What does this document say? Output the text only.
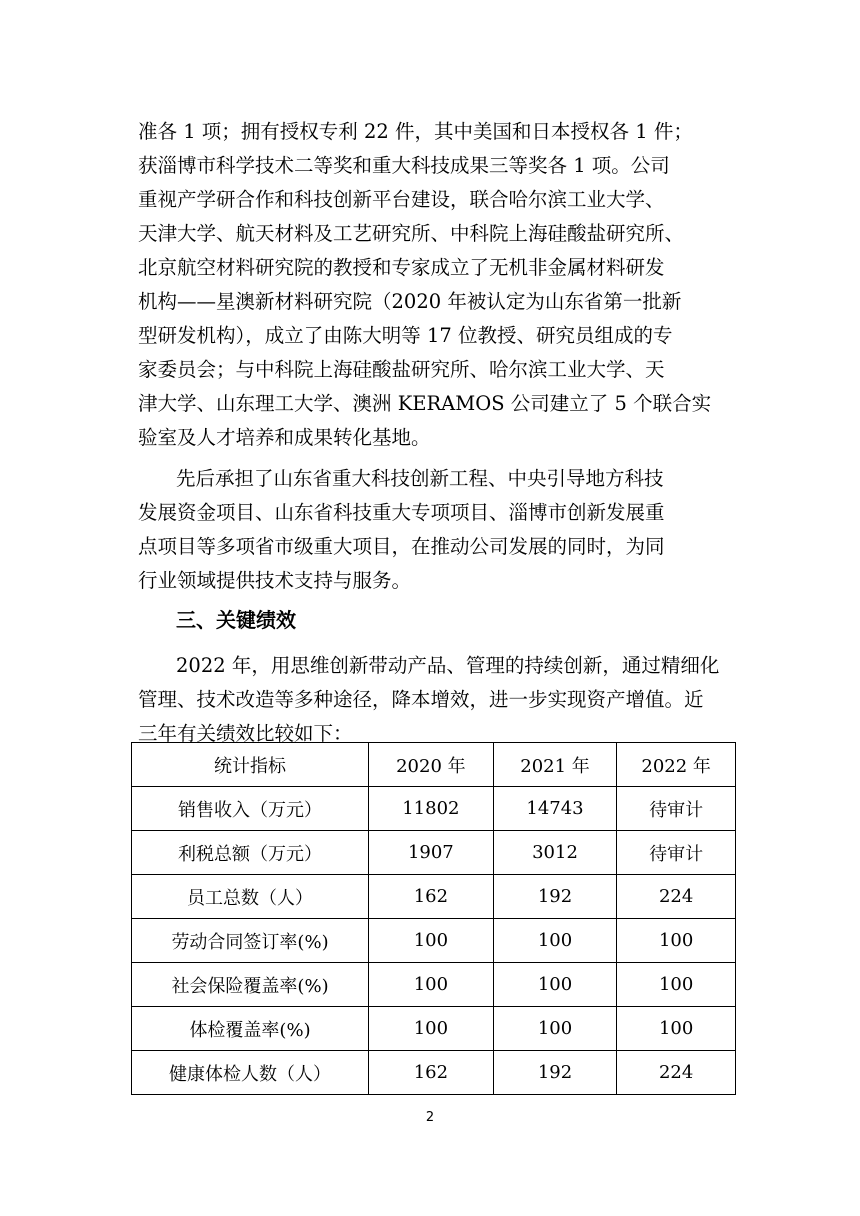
准各 1 项；拥有授权专利 22 件，其中美国和日本授权各 1 件；
获淄博市科学技术二等奖和重大科技成果三等奖各 1 项。公司
重视产学研合作和科技创新平台建设，联合哈尔滨工业大学、
天津大学、航天材料及工艺研究所、中科院上海硅酸盐研究所、
北京航空材料研究院的教授和专家成立了无机非金属材料研发
机构——星澳新材料研究院（2020 年被认定为山东省第一批新
型研发机构），成立了由陈大明等 17 位教授、研究员组成的专
家委员会；与中科院上海硅酸盐研究所、哈尔滨工业大学、天
津大学、山东理工大学、澳洲 KERAMOS 公司建立了 5 个联合实
验室及人才培养和成果转化基地。
先后承担了山东省重大科技创新工程、中央引导地方科技
发展资金项目、山东省科技重大专项项目、淄博市创新发展重
点项目等多项省市级重大项目，在推动公司发展的同时，为同
行业领域提供技术支持与服务。
三、关键绩效
2022 年，用思维创新带动产品、管理的持续创新，通过精细化
管理、技术改造等多种途径，降本增效，进一步实现资产增值。近
三年有关绩效比较如下：
统计指标	2020 年	2021 年	2022 年
销售收入（万元）	11802	14743	待审计
利税总额（万元）	1907	3012	待审计
员工总数（人）	162	192	224
劳动合同签订率(%)	100	100	100
社会保险覆盖率(%)	100	100	100
体检覆盖率(%)	100	100	100
健康体检人数（人）	162	192	224
2
